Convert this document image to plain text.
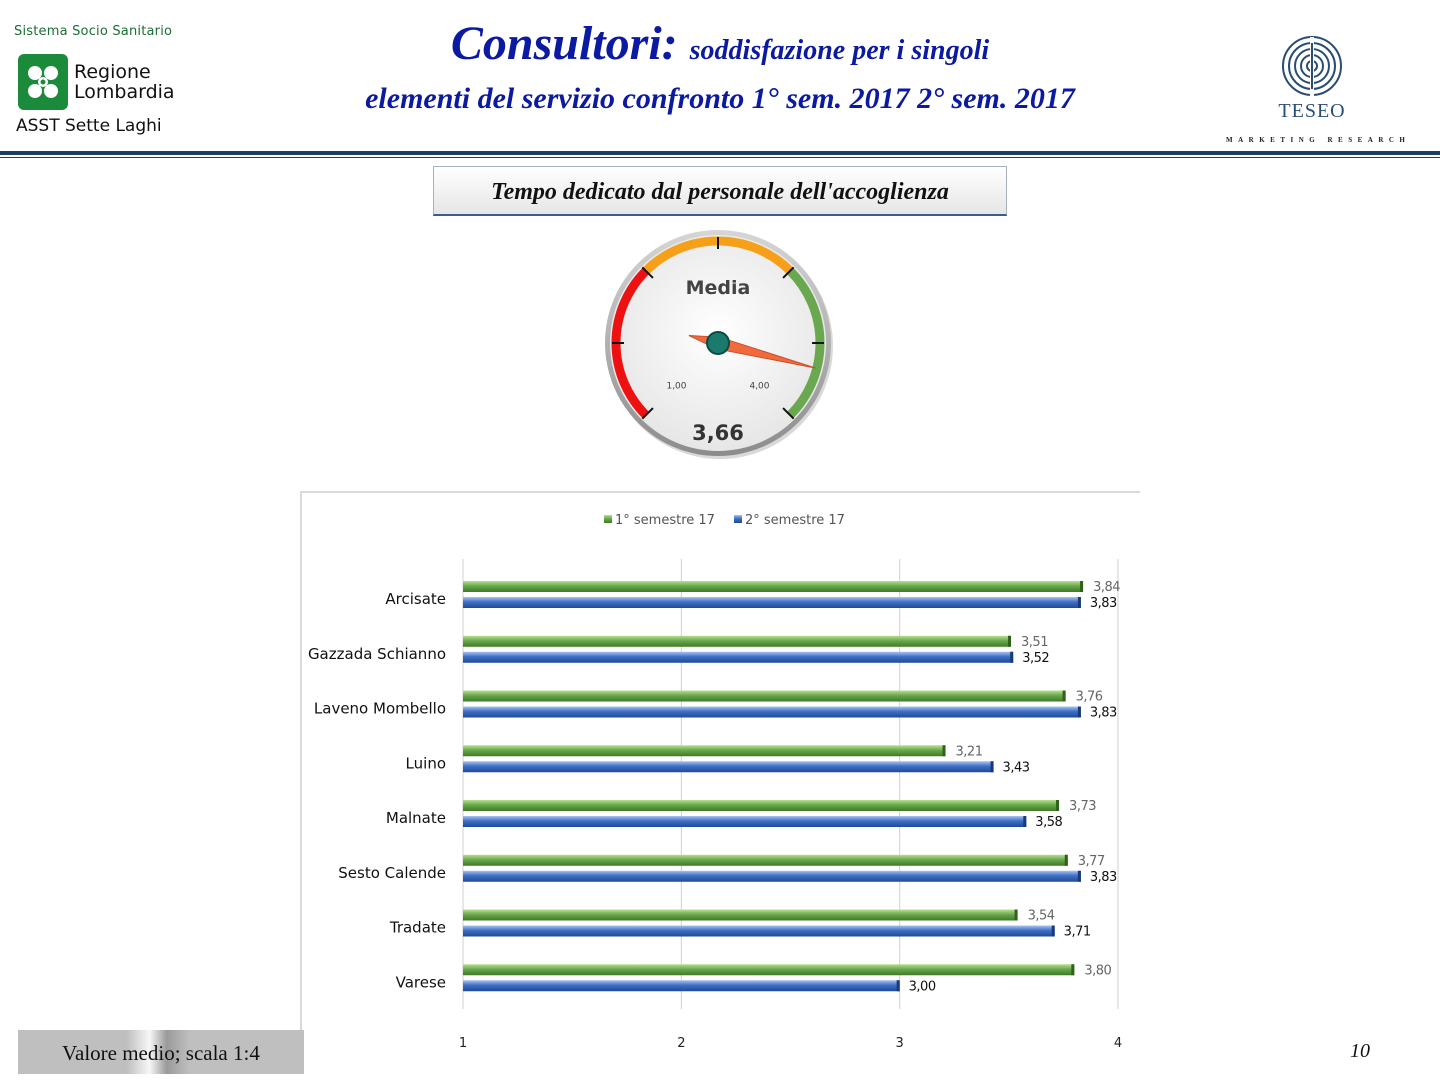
Sistema Socio Sanitario
Regione
Lombardia
ASST Sette Laghi
Consultori: soddisfazione per i singoli
elementi del servizio confronto 1° sem. 2017 2° sem. 2017	TESEO
MARKETING RESEARCH
Tempo dedicato dal personale dell'accoglienza
Media
1,00	4,00
3,66
1° semestre 17 2° semestre 17
1	2	3	4
Arcisate
3,84
3,83
Gazzada Schianno
3,51
3,52
Laveno Mombello
3,76
3,83
Luino
3,21
3,43
Malnate
3,73
3,58
Sesto Calende
3,77
3,83
Tradate
3,54
3,71
Varese
3,80
3,00
Valore medio; scala 1:4	10
